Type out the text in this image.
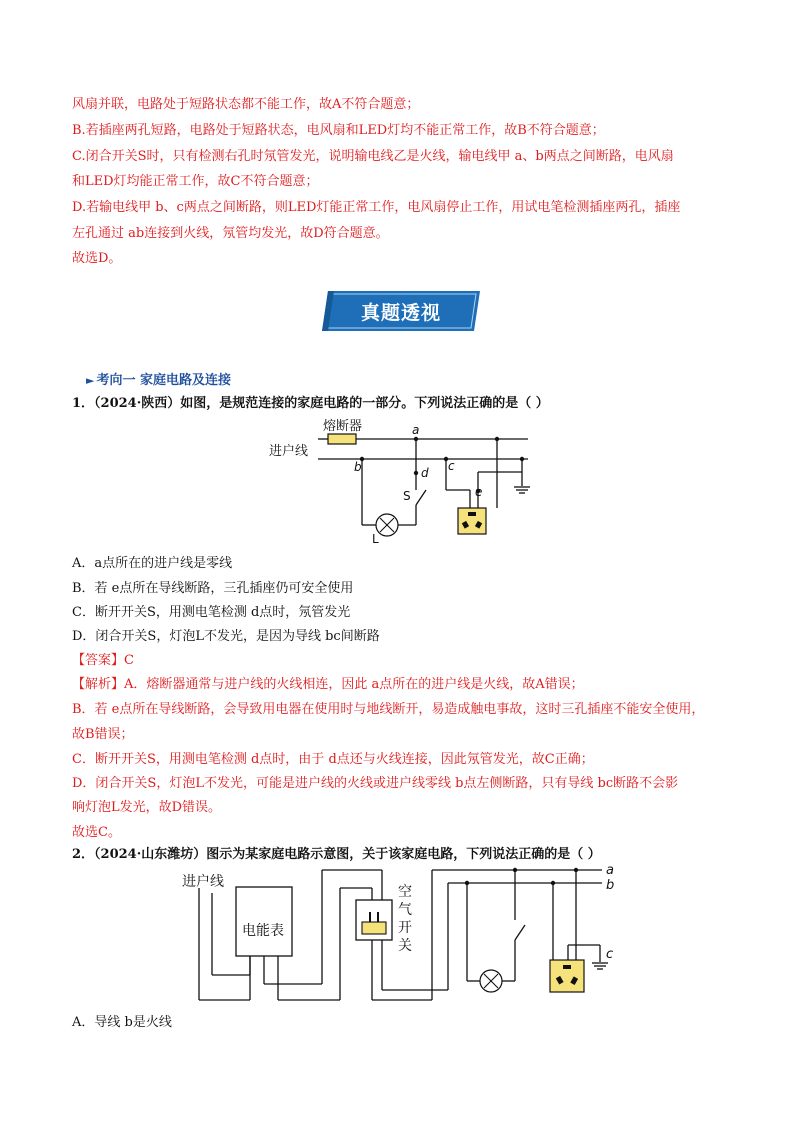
风扇并联，电路处于短路状态都不能工作，故A不符合题意；
B.若插座两孔短路，电路处于短路状态，电风扇和LED灯均不能正常工作，故B不符合题意；
C.闭合开关S时，只有检测右孔时氖管发光，说明输电线乙是火线，输电线甲 a、b两点之间断路，电风扇
和LED灯均能正常工作，故C不符合题意；
D.若输电线甲 b、c两点之间断路，则LED灯能正常工作，电风扇停止工作，用试电笔检测插座两孔，插座
左孔通过 ab连接到火线，氖管均发光，故D符合题意。
故选D。
真题透视
► 考向一 家庭电路及连接
1．（2024·陕西）如图，是规范连接的家庭电路的一部分。下列说法正确的是（ ）
熔断器
进户线
a
b	c
d
e
S
L
A．a点所在的进户线是零线
B．若 e点所在导线断路，三孔插座仍可安全使用
C．断开开关S，用测电笔检测 d点时，氖管发光
D．闭合开关S，灯泡L不发光，是因为导线 bc间断路
【答案】C
【解析】A．熔断器通常与进户线的火线相连，因此 a点所在的进户线是火线，故A错误；
B．若 e点所在导线断路，会导致用电器在使用时与地线断开，易造成触电事故，这时三孔插座不能安全使用，
故B错误；
C．断开开关S，用测电笔检测 d点时，由于 d点还与火线连接，因此氖管发光，故C正确；
D．闭合开关S，灯泡L不发光，可能是进户线的火线或进户线零线 b点左侧断路，只有导线 bc断路不会影
响灯泡L发光，故D错误。
故选C。
2．（2024·山东潍坊）图示为某家庭电路示意图，关于该家庭电路，下列说法正确的是（ ）
进户线
电能表
空
气
开
关
a
b
c
A．导线 b是火线
